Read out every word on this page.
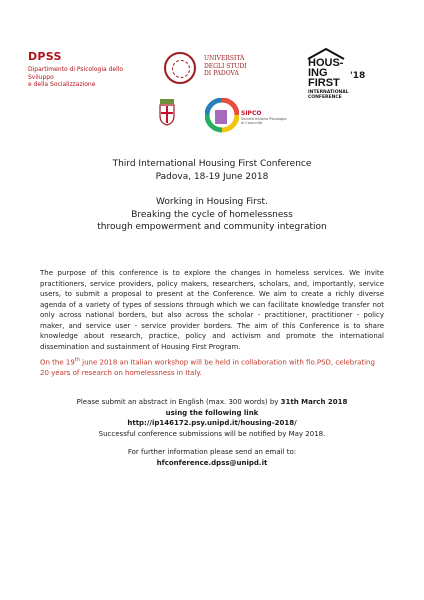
DPSS
Dipartimento di Psicologia dello
Sviluppo
e della Socializzazione
UNIVERSITÀ
DEGLI STUDI
DI PADOVA
HOUS-
ING
FIRST
INTERNATIONAL
CONFERENCE
'18
SIPCO
Società Italiana Psicologia di Comunità
Third International Housing First Conference
Padova, 18-19 June 2018
Working in Housing First.
Breaking the cycle of homelessness
through empowerment and community integration
The purpose of this conference is to explore the changes in homeless services. We invite practitioners, service providers, policy makers, researchers, scholars, and, importantly, service users, to submit a proposal to present at the Conference. We aim to create a richly diverse agenda of a variety of types of sessions through which we can facilitate knowledge transfer not only across national borders, but also across the scholar - practitioner, practitioner - policy maker, and service user - service provider borders. The aim of this Conference is to share knowledge about research, practice, policy and activism and promote the international dissemination and sustainment of Housing First Program.
On the 19th june 2018 an Italian workshop will be held in collaboration with fio.PSD, celebrating 20 years of research on homelessness in Italy.
Please submit an abstract in English (max. 300 words) by 31th March 2018
using the following link
http://ip146172.psy.unipd.it/housing-2018/
Successful conference submissions will be notified by May 2018.
For further information please send an email to:
hfconference.dpss@unipd.it
